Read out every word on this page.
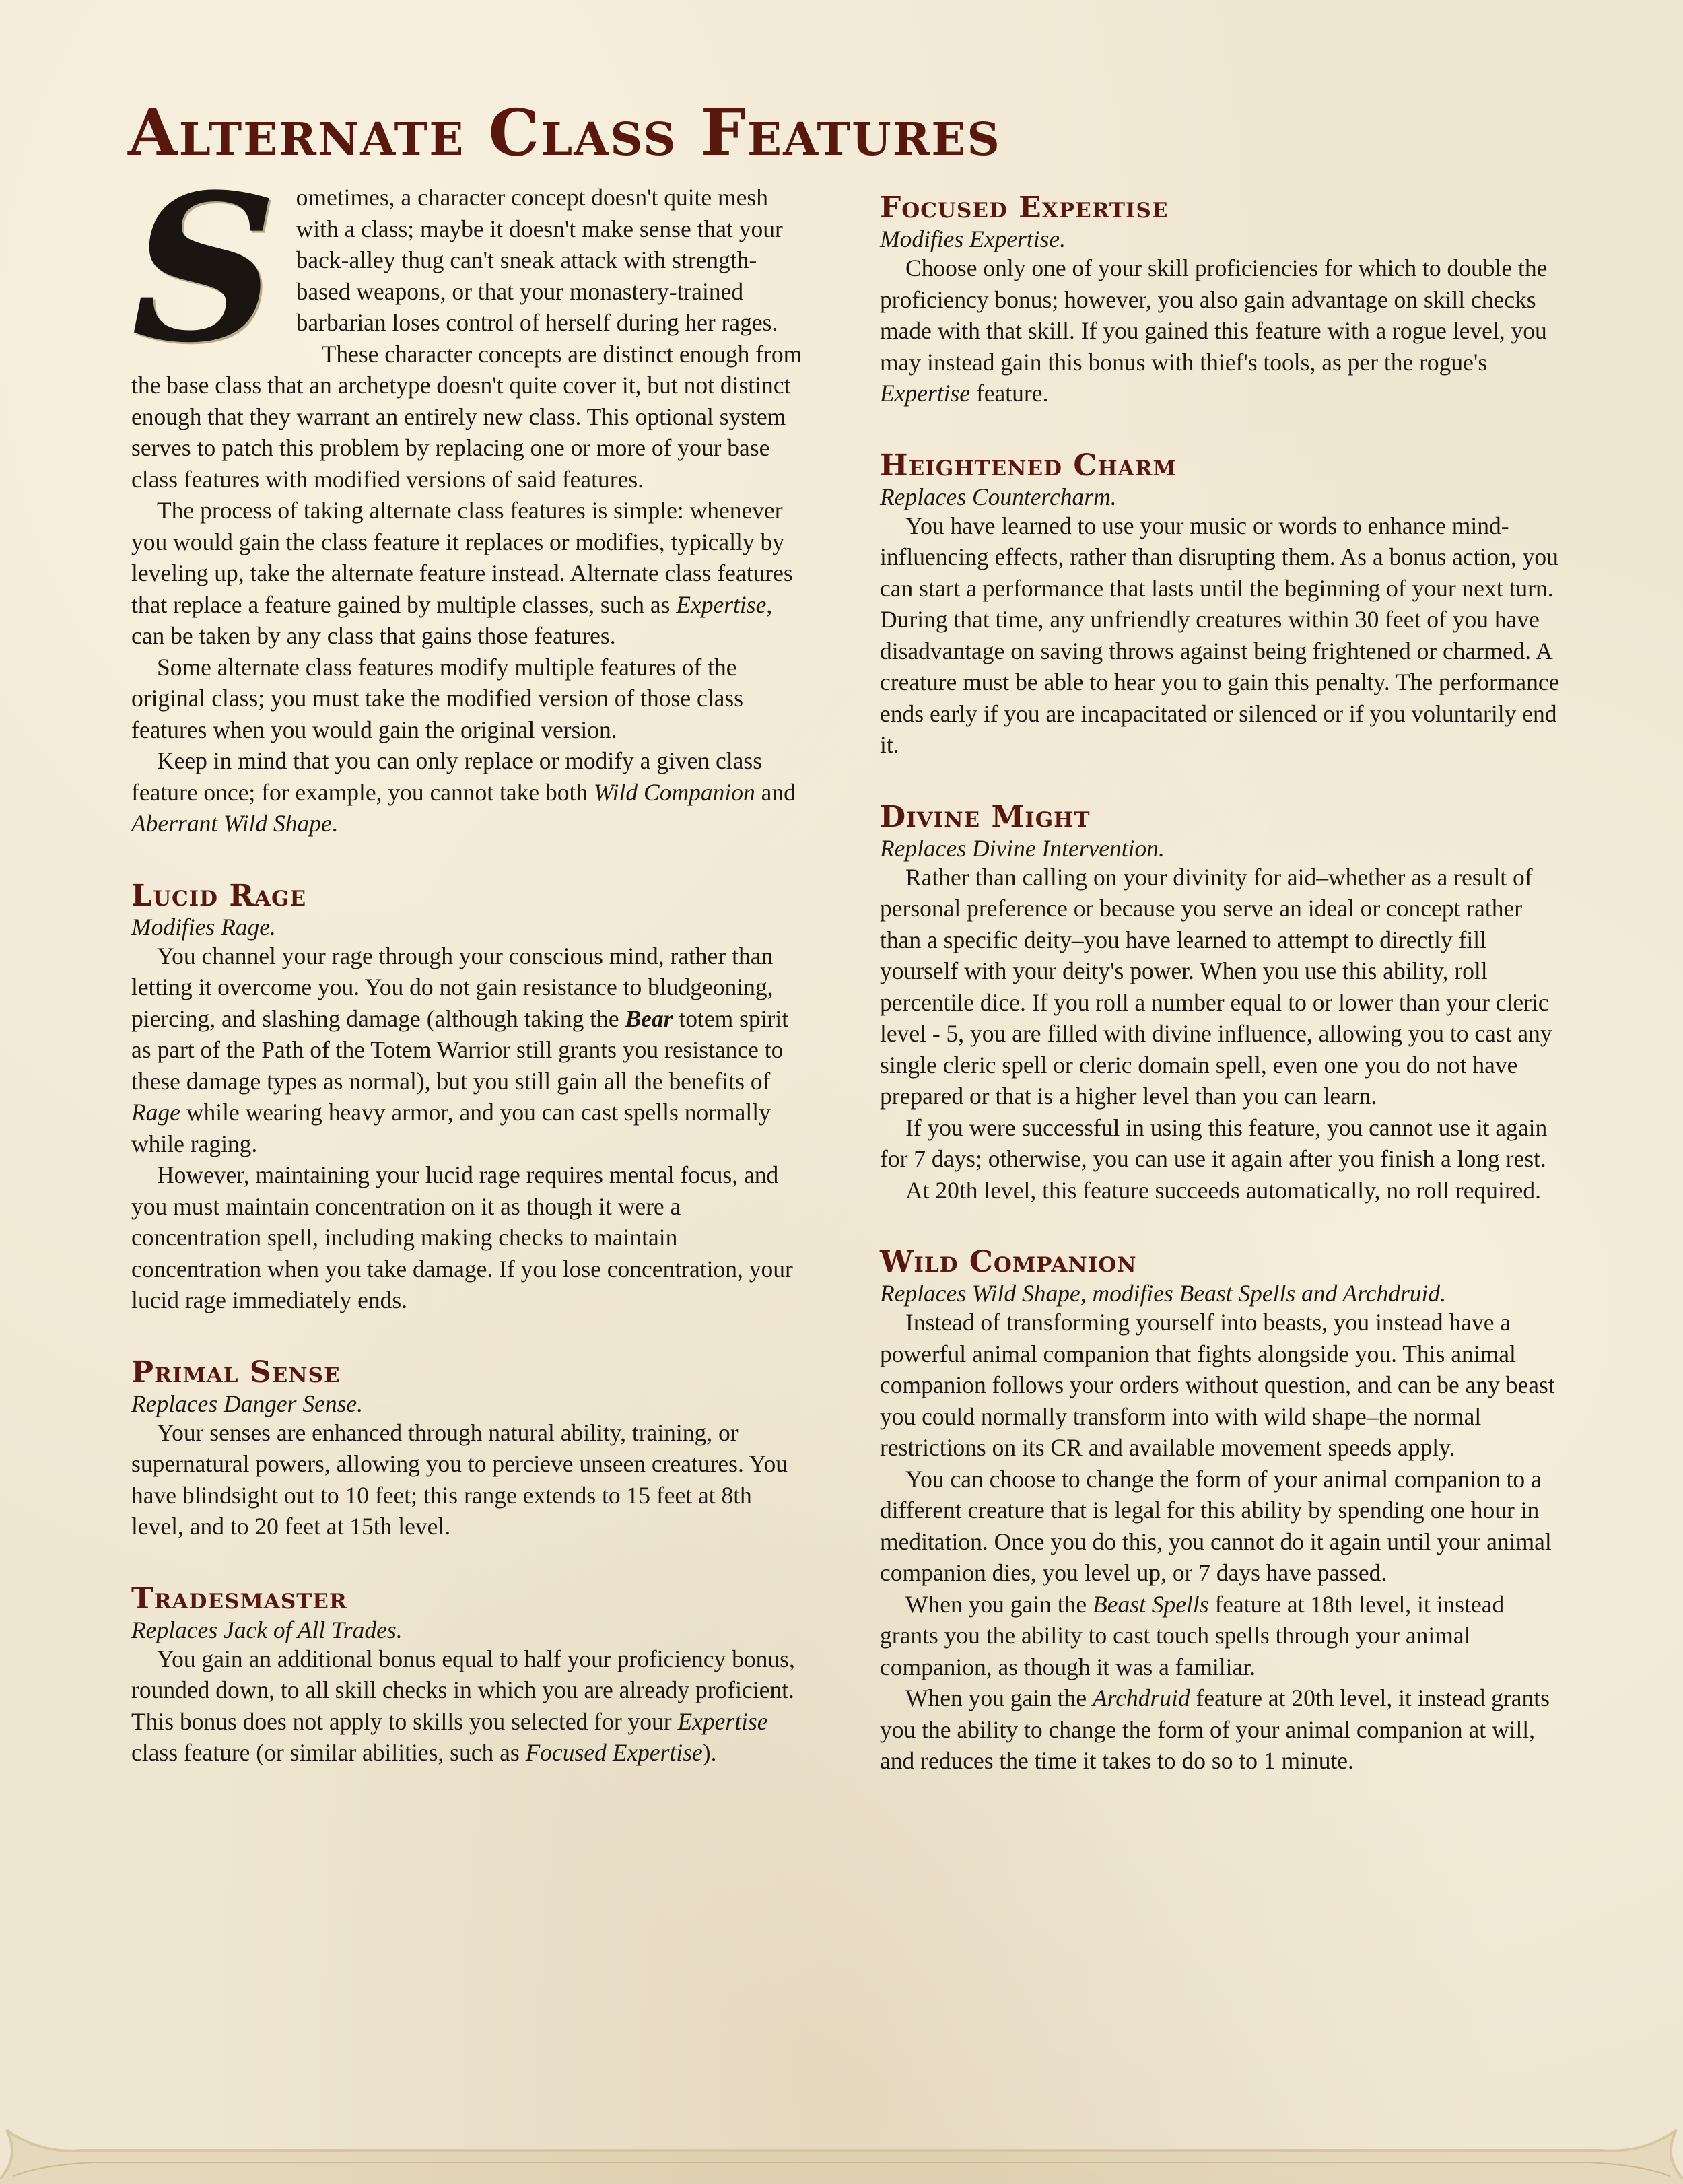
Alternate Class Features

Sometimes, a character concept doesn't quite mesh with a class; maybe it doesn't make sense that your back-alley thug can't sneak attack with strength-based weapons, or that your monastery-trained barbarian loses control of herself during her rages.

These character concepts are distinct enough from the base class that an archetype doesn't quite cover it, but not distinct enough that they warrant an entirely new class. This optional system serves to patch this problem by replacing one or more of your base class features with modified versions of said features.

The process of taking alternate class features is simple: whenever you would gain the class feature it replaces or modifies, typically by leveling up, take the alternate feature instead. Alternate class features that replace a feature gained by multiple classes, such as Expertise, can be taken by any class that gains those features.

Some alternate class features modify multiple features of the original class; you must take the modified version of those class features when you would gain the original version.

Keep in mind that you can only replace or modify a given class feature once; for example, you cannot take both Wild Companion and Aberrant Wild Shape.

Lucid Rage
Modifies Rage.

You channel your rage through your conscious mind, rather than letting it overcome you. You do not gain resistance to bludgeoning, piercing, and slashing damage (although taking the Bear totem spirit as part of the Path of the Totem Warrior still grants you resistance to these damage types as normal), but you still gain all the benefits of Rage while wearing heavy armor, and you can cast spells normally while raging.

However, maintaining your lucid rage requires mental focus, and you must maintain concentration on it as though it were a concentration spell, including making checks to maintain concentration when you take damage. If you lose concentration, your lucid rage immediately ends.

Primal Sense
Replaces Danger Sense.

Your senses are enhanced through natural ability, training, or supernatural powers, allowing you to percieve unseen creatures. You have blindsight out to 10 feet; this range extends to 15 feet at 8th level, and to 20 feet at 15th level.

Tradesmaster
Replaces Jack of All Trades.

You gain an additional bonus equal to half your proficiency bonus, rounded down, to all skill checks in which you are already proficient. This bonus does not apply to skills you selected for your Expertise class feature (or similar abilities, such as Focused Expertise).

Focused Expertise
Modifies Expertise.

Choose only one of your skill proficiencies for which to double the proficiency bonus; however, you also gain advantage on skill checks made with that skill. If you gained this feature with a rogue level, you may instead gain this bonus with thief's tools, as per the rogue's Expertise feature.

Heightened Charm
Replaces Countercharm.

You have learned to use your music or words to enhance mind-influencing effects, rather than disrupting them. As a bonus action, you can start a performance that lasts until the beginning of your next turn. During that time, any unfriendly creatures within 30 feet of you have disadvantage on saving throws against being frightened or charmed. A creature must be able to hear you to gain this penalty. The performance ends early if you are incapacitated or silenced or if you voluntarily end it.

Divine Might
Replaces Divine Intervention.

Rather than calling on your divinity for aid–whether as a result of personal preference or because you serve an ideal or concept rather than a specific deity–you have learned to attempt to directly fill yourself with your deity's power. When you use this ability, roll percentile dice. If you roll a number equal to or lower than your cleric level - 5, you are filled with divine influence, allowing you to cast any single cleric spell or cleric domain spell, even one you do not have prepared or that is a higher level than you can learn.

If you were successful in using this feature, you cannot use it again for 7 days; otherwise, you can use it again after you finish a long rest.

At 20th level, this feature succeeds automatically, no roll required.

Wild Companion
Replaces Wild Shape, modifies Beast Spells and Archdruid.

Instead of transforming yourself into beasts, you instead have a powerful animal companion that fights alongside you. This animal companion follows your orders without question, and can be any beast you could normally transform into with wild shape–the normal restrictions on its CR and available movement speeds apply.

You can choose to change the form of your animal companion to a different creature that is legal for this ability by spending one hour in meditation. Once you do this, you cannot do it again until your animal companion dies, you level up, or 7 days have passed.

When you gain the Beast Spells feature at 18th level, it instead grants you the ability to cast touch spells through your animal companion, as though it was a familiar.

When you gain the Archdruid feature at 20th level, it instead grants you the ability to change the form of your animal companion at will, and reduces the time it takes to do so to 1 minute.
